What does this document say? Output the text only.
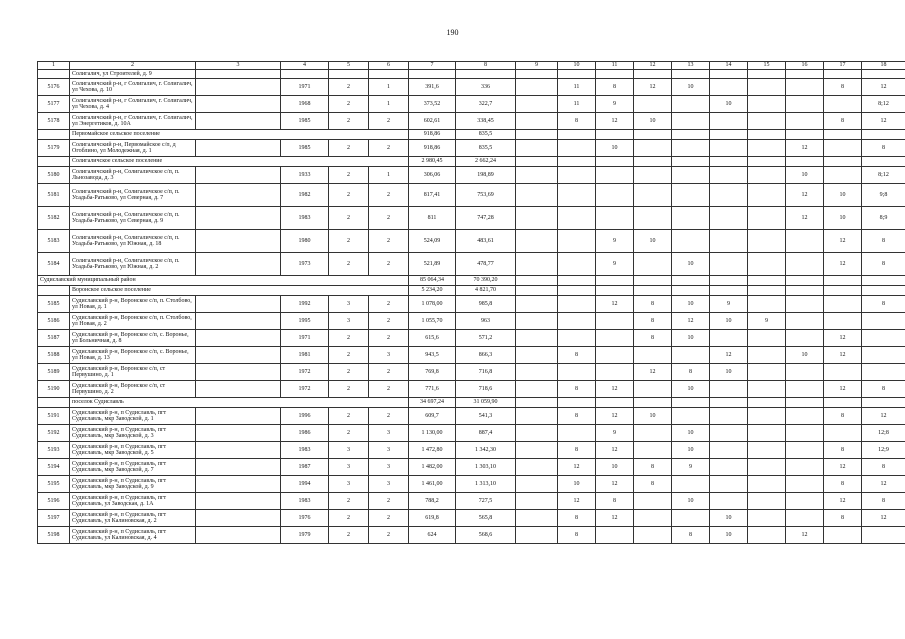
190
1	2	3	4	5	6	7	8	9	10	11	12	13	14	15	16	17	18
	Солигалич, ул Строителей, д. 9																
5176	Солигаличский р-н, г Солигалич, г. Солигалич, ул Чехова, д. 10		1971	2	1	391,6	336		11	8	12	10				8	12
5177	Солигаличский р-н, г Солигалич, г. Солигалич, ул Чехова, д. 4		1968	2	1	373,52	322,7		11	9			10				8;12
5178	Солигаличский р-н, г Солигалич, г. Солигалич, ул Энергетиков, д. 10А		1985	2	2	602,61	338,45		8	12	10					8	12
	Первомайское сельское поселение					918,86	835,5										
5179	Солигаличский р-н, Первомайское с/п, д Огоблино, ул Молодежная, д. 1		1985	2	2	918,86	835,5			10					12		8
	Солигаличское сельское поселение					2 980,45	2 662,24										
5180	Солигаличский р-н, Солигаличское с/п, п. Льнозавода, д. 3		1933	2	1	306,06	198,89								10		8;12
5181	Солигаличский р-н, Солигаличское с/п, п. Усадьба-Ратьково, ул Северная, д. 7		1982	2	2	817,41	753,69								12	10	9;8
5182	Солигаличский р-н, Солигаличское с/п, п. Усадьба-Ратьково, ул Северная, д. 9		1983	2	2	811	747,28								12	10	8;9
5183	Солигаличский р-н, Солигаличское с/п, п. Усадьба-Ратьково, ул Южная, д. 18		1980	2	2	524,09	483,61			9	10					12	8
5184	Солигаличский р-н, Солигаличское с/п, п. Усадьба-Ратьково, ул Южная, д. 2		1973	2	2	521,89	478,77			9		10				12	8
Судиславский муниципальный район						85 064,34	70 390,20										
	Воронское сельское поселение					5 234,20	4 821,70										
5185	Судиславский р-н, Воронское с/п, п. Столбово, ул Новая, д. 1		1992	3	2	1 078,00	985,8			12	8	10	9				8
5186	Судиславский р-н, Воронское с/п, п. Столбово, ул Новая, д. 2		1995	3	2	1 055,70	963				8	12	10	9			
5187	Судиславский р-н, Воронское с/п, с. Воронье, ул Больничная, д. 8		1971	2	2	615,6	571,2				8	10				12	
5188	Судиславский р-н, Воронское с/п, с. Воронье, ул Новая, д. 13		1981	2	3	943,5	866,3		8				12		10	12	
5189	Судиславский р-н, Воронское с/п, ст Первушино, д. 1		1972	2	2	769,8	716,8				12	8	10				
5190	Судиславский р-н, Воронское с/п, ст Первушино, д. 2		1972	2	2	771,6	718,6		8	12		10				12	8
	поселок Судиславль					34 697,24	31 059,90										
5191	Судиславский р-н, п Судиславль, пгт Судиславль, мкр Заводской, д. 1		1996	2	2	609,7	541,3		8	12	10					8	12
5192	Судиславский р-н, п Судиславль, пгт Судиславль, мкр Заводской, д. 3		1986	2	3	1 130,00	887,4			9		10					12;8
5193	Судиславский р-н, п Судиславль, пгт Судиславль, мкр Заводской, д. 5		1983	3	3	1 472,80	1 342,30		8	12		10				8	12;9
5194	Судиславский р-н, п Судиславль, пгт Судиславль, мкр Заводской, д. 7		1987	3	3	1 482,00	1 303,10		12	10	8	9				12	8
5195	Судиславский р-н, п Судиславль, пгт Судиславль, мкр Заводской, д. 9		1994	3	3	1 461,00	1 313,10		10	12	8					8	12
5196	Судиславский р-н, п Судиславль, пгт Судиславль, ул Заводская, д. 1А		1983	2	2	788,2	727,5		12	8		10				12	8
5197	Судиславский р-н, п Судиславль, пгт Судиславль, ул Калиновская, д. 2		1976	2	2	619,8	565,8		8	12			10			8	12
5198	Судиславский р-н, п Судиславль, пгт Судиславль, ул Калиновская, д. 4		1979	2	2	624	568,6		8			8	10		12		
